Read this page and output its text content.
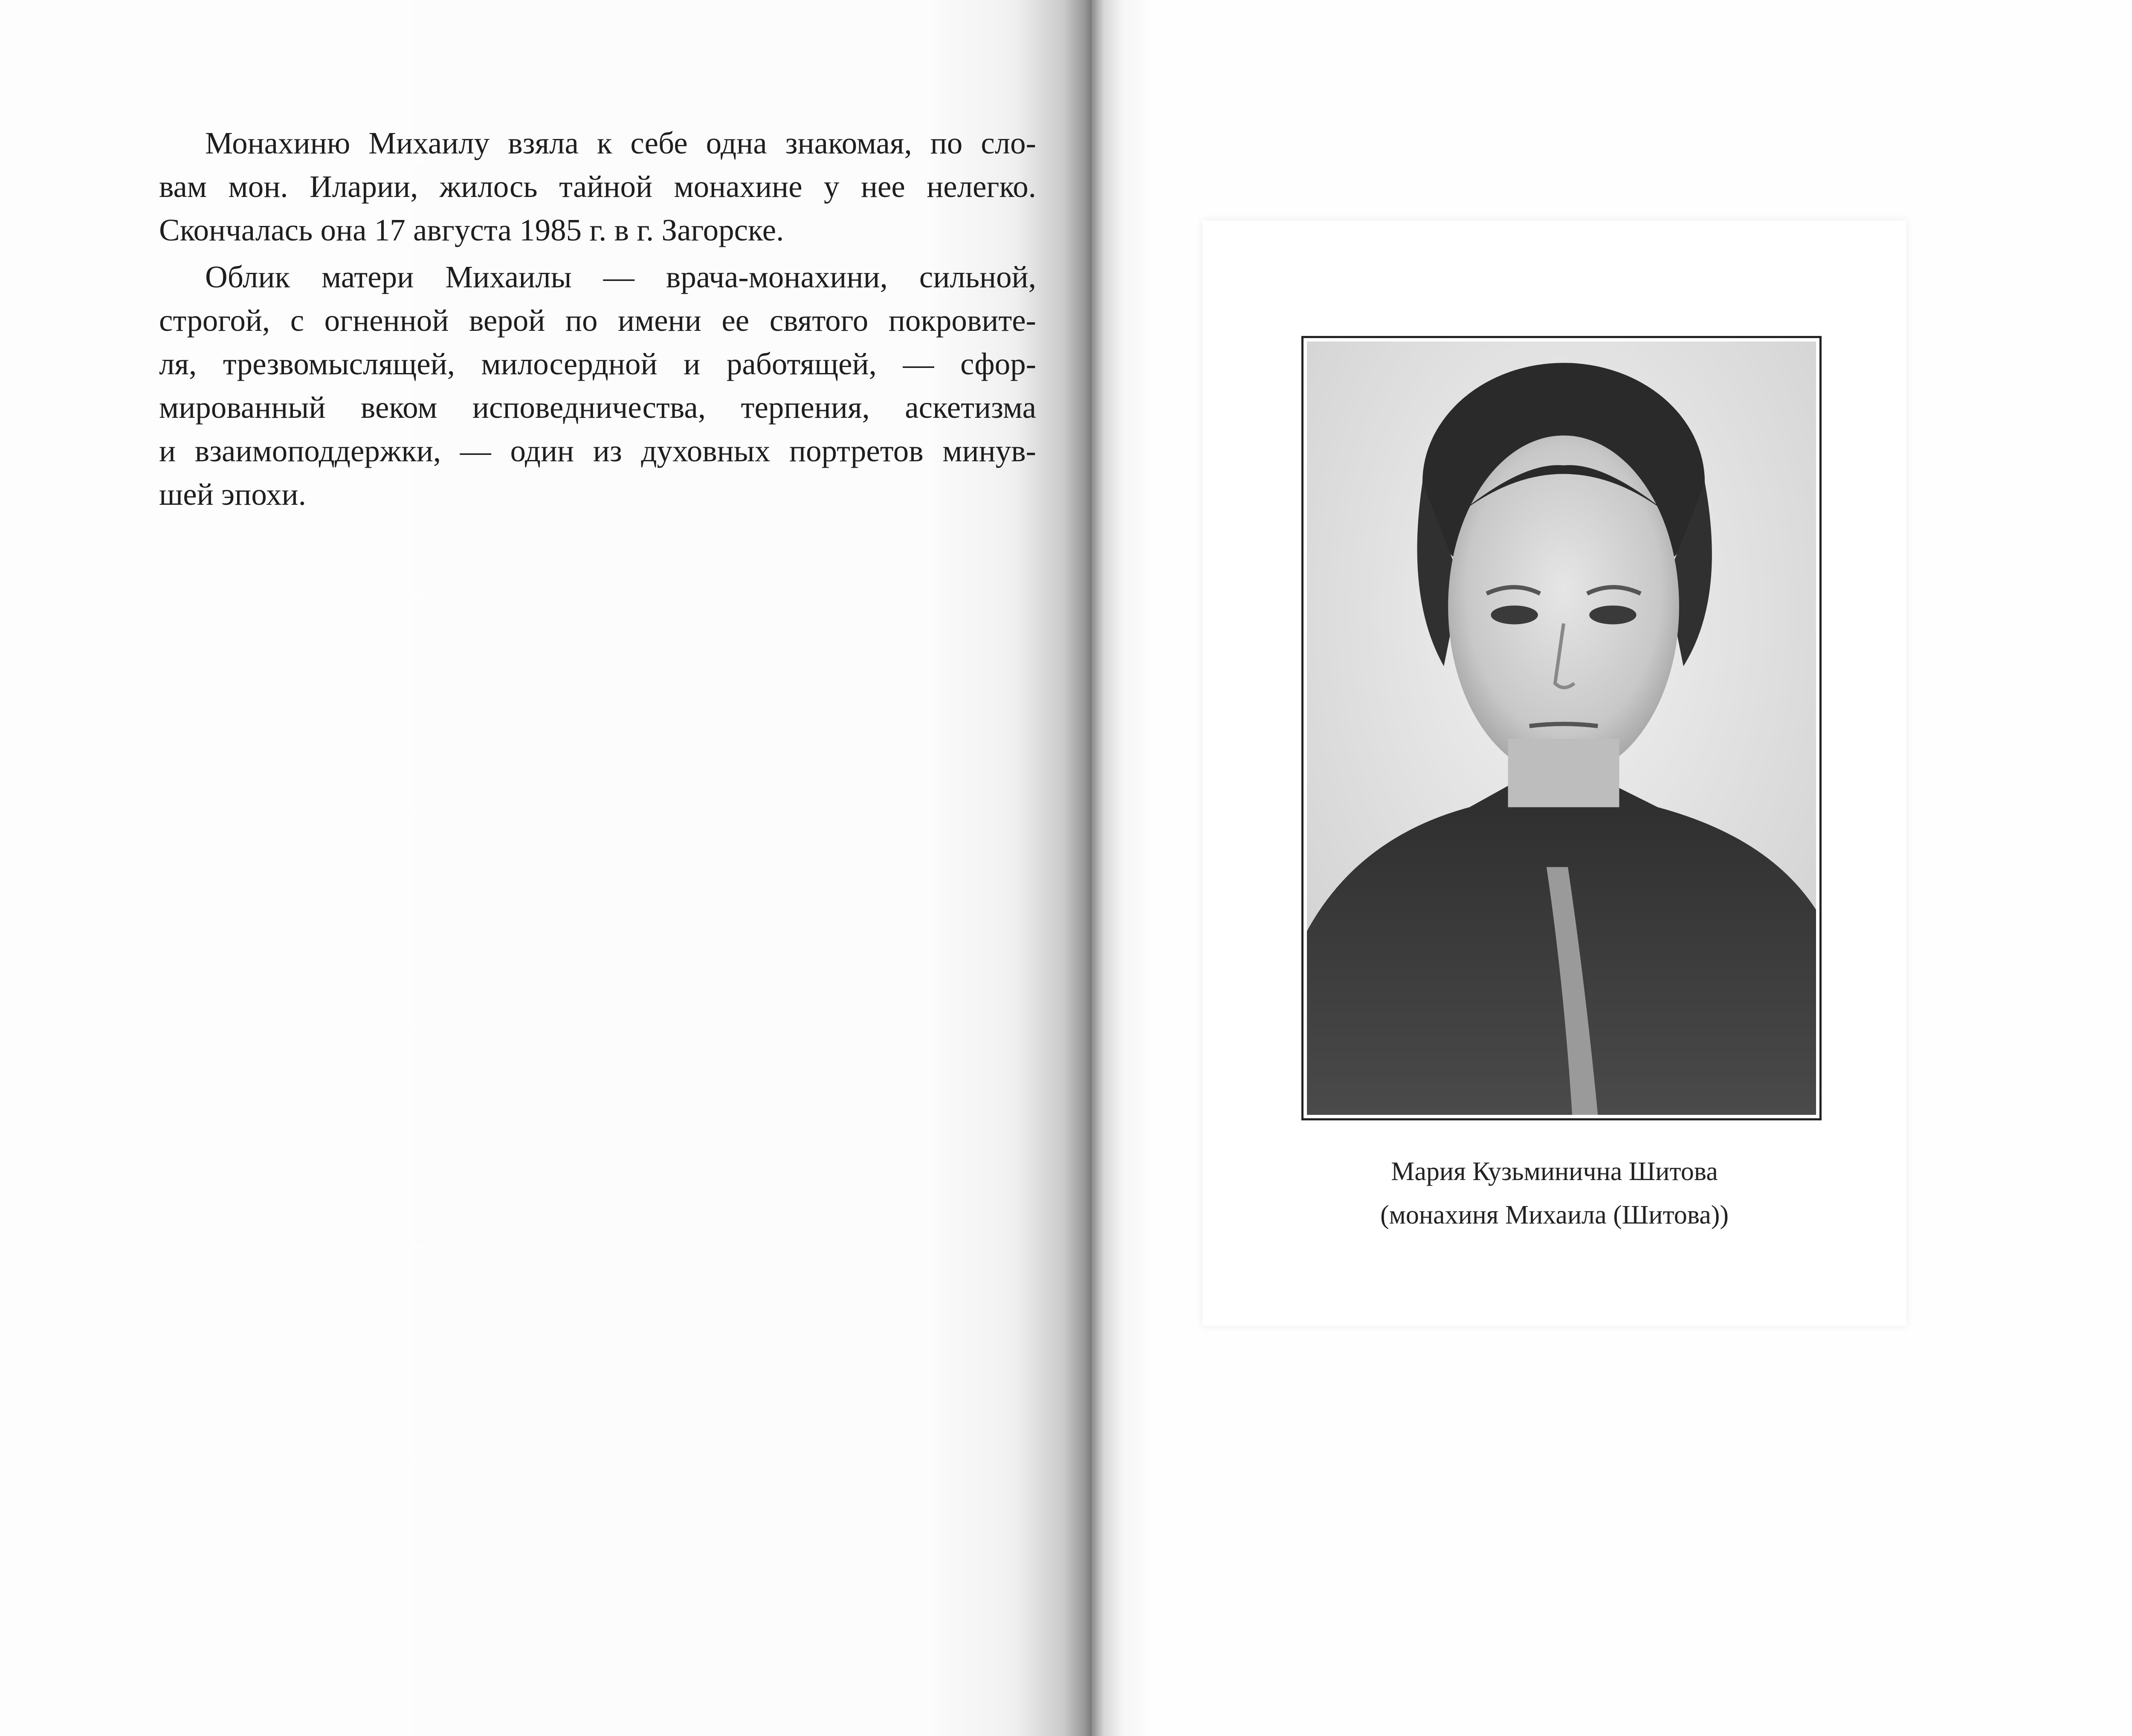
Монахиню Михаилу взяла к себе одна знакомая, по сло-
вам мон. Иларии, жилось тайной монахине у нее нелегко.
Скончалась она 17 августа 1985 г. в г. Загорске.
Облик матери Михаилы — врача-монахини, сильной,
строгой, с огненной верой по имени ее святого покровите-
ля, трезвомыслящей, милосердной и работящей, — сфор-
мированный веком исповедничества, терпения, аскетизма
и взаимоподдержки, — один из духовных портретов минув-
шей эпохи.
Мария Кузьминична Шитова
(монахиня Михаила (Шитова))
